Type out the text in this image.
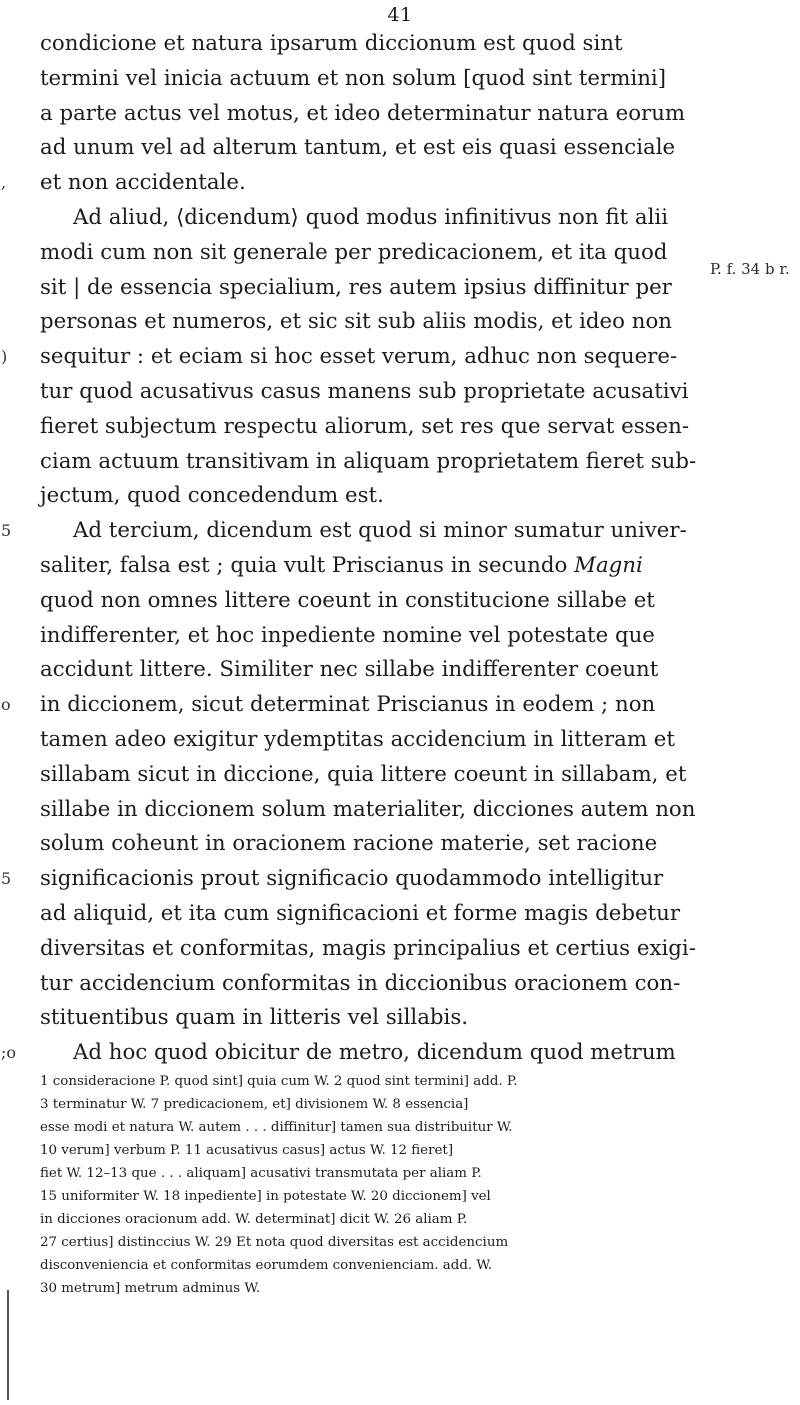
41
condicione et natura ipsarum diccionum est quod sint
termini vel inicia actuum et non solum [quod sint termini]
a parte actus vel motus, et ideo determinatur natura eorum
ad unum vel ad alterum tantum, et est eis quasi essenciale
et non accidentale.
,
Ad aliud, ⟨dicendum⟩ quod modus infinitivus non fit alii
modi cum non sit generale per predicacionem, et ita quod
sit | de essencia specialium, res autem ipsius diffinitur per
personas et numeros, et sic sit sub aliis modis, et ideo non
sequitur : et eciam si hoc esset verum, adhuc non sequere-
)
tur quod acusativus casus manens sub proprietate acusativi
fieret subjectum respectu aliorum, set res que servat essen-
ciam actuum transitivam in aliquam proprietatem fieret sub-
jectum, quod concedendum est.
Ad tercium, dicendum est quod si minor sumatur univer-
5
saliter, falsa est ; quia vult Priscianus in secundo Magni
quod non omnes littere coeunt in constitucione sillabe et
indifferenter, et hoc inpediente nomine vel potestate que
accidunt littere. Similiter nec sillabe indifferenter coeunt
in diccionem, sicut determinat Priscianus in eodem ; non
o
tamen adeo exigitur ydemptitas accidencium in litteram et
sillabam sicut in diccione, quia littere coeunt in sillabam, et
sillabe in diccionem solum materialiter, dicciones autem non
solum coheunt in oracionem racione materie, set racione
significacionis prout significacio quodammodo intelligitur
5
ad aliquid, et ita cum significacioni et forme magis debetur
diversitas et conformitas, magis principalius et certius exigi-
tur accidencium conformitas in diccionibus oracionem con-
stituentibus quam in litteris vel sillabis.
Ad hoc quod obicitur de metro, dicendum quod metrum
;o
P. f. 34 b r.
1 consideracione P. quod sint] quia cum W. 2 quod sint termini] add. P.
3 terminatur W. 7 predicacionem, et] divisionem W. 8 essencia]
esse modi et natura W. autem . . . diffinitur] tamen sua distribuitur W.
10 verum] verbum P. 11 acusativus casus] actus W. 12 fieret]
fiet W. 12–13 que . . . aliquam] acusativi transmutata per aliam P.
15 uniformiter W. 18 inpediente] in potestate W. 20 diccionem] vel
in dicciones oracionum add. W. determinat] dicit W. 26 aliam P.
27 certius] distinccius W. 29 Et nota quod diversitas est accidencium
disconveniencia et conformitas eorumdem convenienciam. add. W.
30 metrum] metrum adminus W.
